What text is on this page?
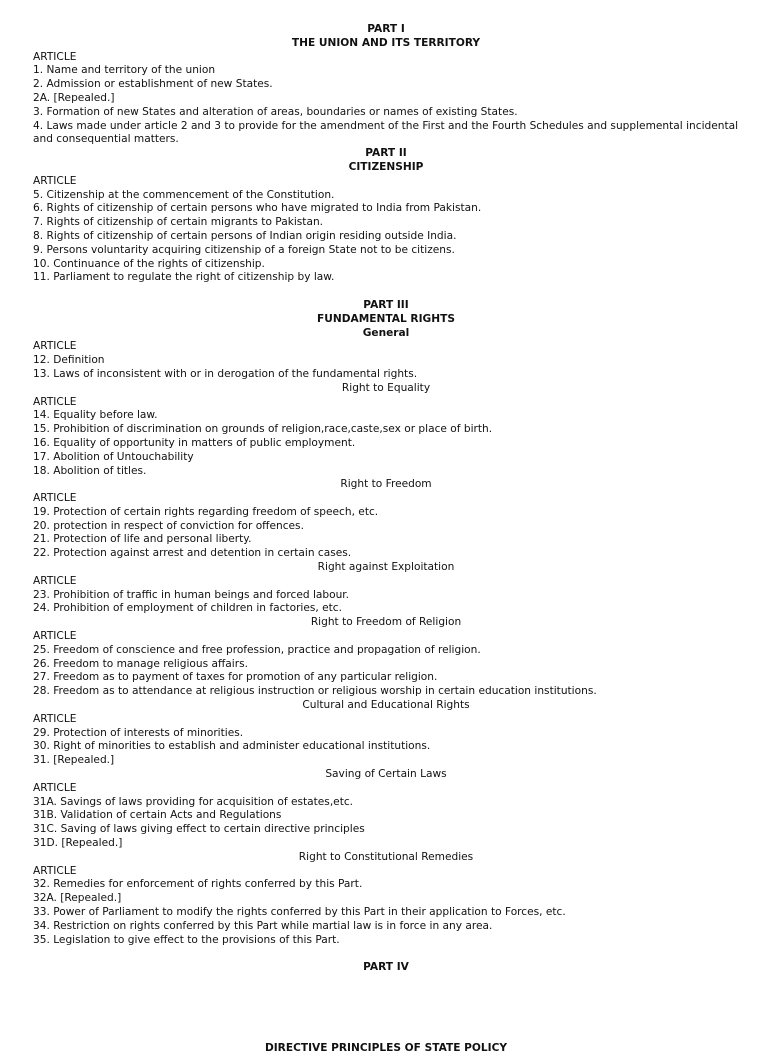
PART I
THE UNION AND ITS TERRITORY
ARTICLE
1. Name and territory of the union
2. Admission or establishment of new States.
2A. [Repealed.]
3. Formation of new States and alteration of areas, boundaries or names of existing States.
4. Laws made under article 2 and 3 to provide for the amendment of the First and the Fourth Schedules and supplemental incidental and consequential matters.
PART II
CITIZENSHIP
ARTICLE
5. Citizenship at the commencement of the Constitution.
6. Rights of citizenship of certain persons who have migrated to India from Pakistan.
7. Rights of citizenship of certain migrants to Pakistan.
8. Rights of citizenship of certain persons of Indian origin residing outside India.
9. Persons voluntarity acquiring citizenship of a foreign State not to be citizens.
10. Continuance of the rights of citizenship.
11. Parliament to regulate the right of citizenship by law.
PART III
FUNDAMENTAL RIGHTS
General
ARTICLE
12. Definition
13. Laws of inconsistent with or in derogation of the fundamental rights.
Right to Equality
ARTICLE
14. Equality before law.
15. Prohibition of discrimination on grounds of religion,race,caste,sex or place of birth.
16. Equality of opportunity in matters of public employment.
17. Abolition of Untouchability
18. Abolition of titles.
Right to Freedom
ARTICLE
19. Protection of certain rights regarding freedom of speech, etc.
20. protection in respect of conviction for offences.
21. Protection of life and personal liberty.
22. Protection against arrest and detention in certain cases.
Right against Exploitation
ARTICLE
23. Prohibition of traffic in human beings and forced labour.
24. Prohibition of employment of children in factories, etc.
Right to Freedom of Religion
ARTICLE
25. Freedom of conscience and free profession, practice and propagation of religion.
26. Freedom to manage religious affairs.
27. Freedom as to payment of taxes for promotion of any particular religion.
28. Freedom as to attendance at religious instruction or religious worship in certain education institutions.
Cultural and Educational Rights
ARTICLE
29. Protection of interests of minorities.
30. Right of minorities to establish and administer educational institutions.
31. [Repealed.]
Saving of Certain Laws
ARTICLE
31A. Savings of laws providing for acquisition of estates,etc.
31B. Validation of certain Acts and Regulations
31C. Saving of laws giving effect to certain directive principles
31D. [Repealed.]
Right to Constitutional Remedies
ARTICLE
32. Remedies for enforcement of rights conferred by this Part.
32A. [Repealed.]
33. Power of Parliament to modify the rights conferred by this Part in their application to Forces, etc.
34. Restriction on rights conferred by this Part while martial law is in force in any area.
35. Legislation to give effect to the provisions of this Part.
PART IV
DIRECTIVE PRINCIPLES OF STATE POLICY
